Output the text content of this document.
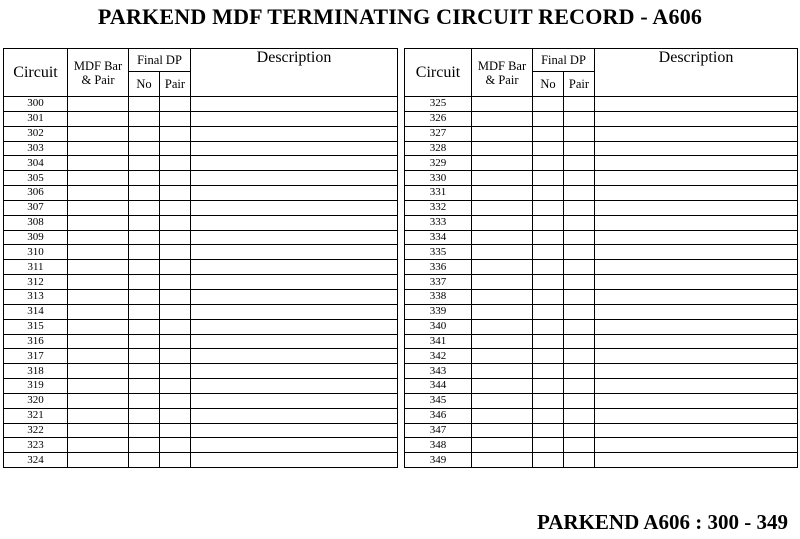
PARKEND MDF TERMINATING CIRCUIT RECORD - A606
Circuit	MDF Bar & Pair	Final DP		Description
		No	Pair	
300				
301				
302				
303				
304				
305				
306				
307				
308				
309				
310				
311				
312				
313				
314				
315				
316				
317				
318				
319				
320				
321				
322				
323				
324				
Circuit	MDF Bar & Pair	Final DP		Description
		No	Pair	
325				
326				
327				
328				
329				
330				
331				
332				
333				
334				
335				
336				
337				
338				
339				
340				
341				
342				
343				
344				
345				
346				
347				
348				
349				
PARKEND A606 : 300 - 349
